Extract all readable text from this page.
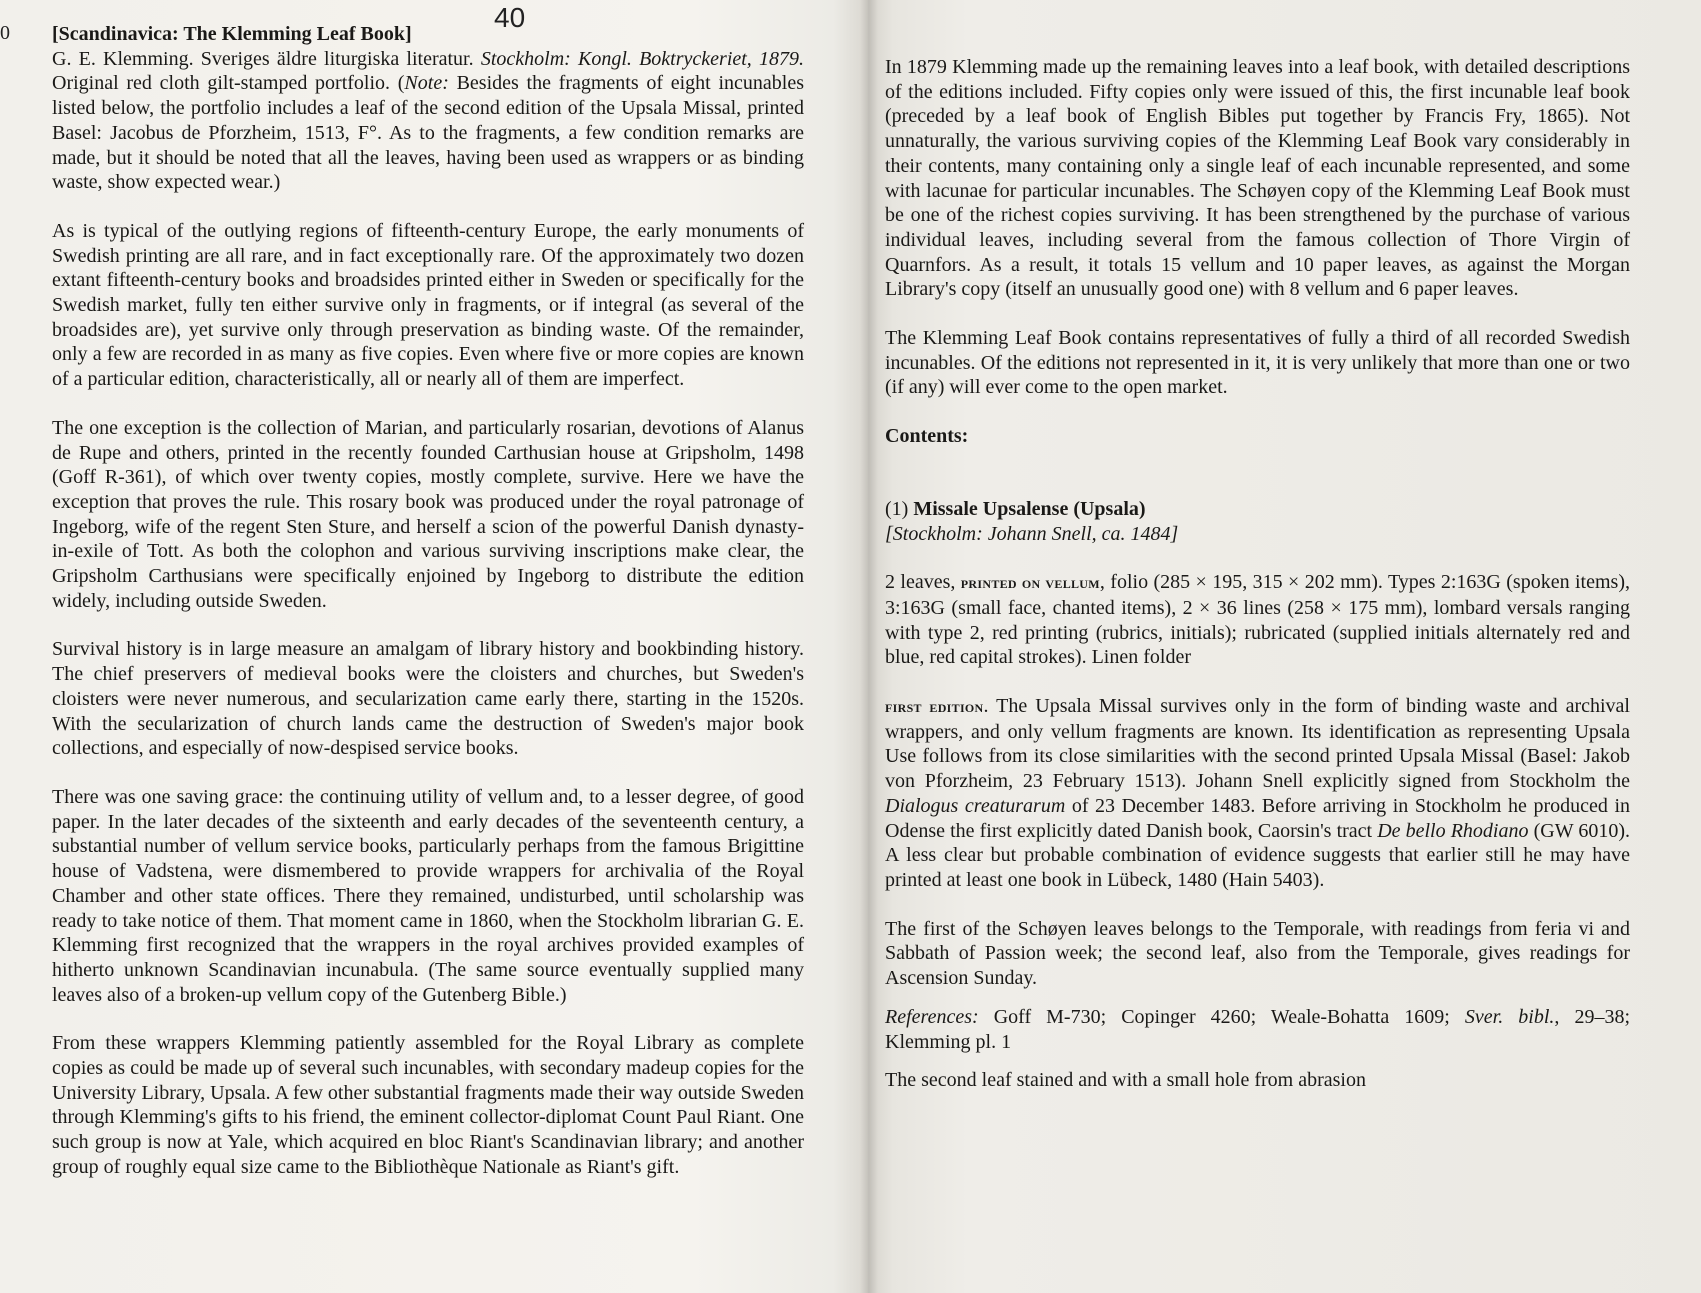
0	40

[Scandinavica: The Klemming Leaf Book]

G. E. Klemming. Sveriges äldre liturgiska literatur. Stockholm: Kongl. Boktryckeriet, 1879. Original red cloth gilt-stamped portfolio. (Note: Besides the fragments of eight incunables listed below, the portfolio includes a leaf of the second edition of the Upsala Missal, printed Basel: Jacobus de Pforzheim, 1513, F°. As to the fragments, a few condition remarks are made, but it should be noted that all the leaves, having been used as wrappers or as binding waste, show expected wear.)

As is typical of the outlying regions of fifteenth-century Europe, the early monuments of Swedish printing are all rare, and in fact exceptionally rare. Of the approximately two dozen extant fifteenth-century books and broadsides printed either in Sweden or specifically for the Swedish market, fully ten either survive only in fragments, or if integral (as several of the broadsides are), yet survive only through preservation as binding waste. Of the remainder, only a few are recorded in as many as five copies. Even where five or more copies are known of a particular edition, characteristically, all or nearly all of them are imperfect.

The one exception is the collection of Marian, and particularly rosarian, devotions of Alanus de Rupe and others, printed in the recently founded Carthusian house at Gripsholm, 1498 (Goff R-361), of which over twenty copies, mostly complete, survive. Here we have the exception that proves the rule. This rosary book was produced under the royal patronage of Ingeborg, wife of the regent Sten Sture, and herself a scion of the powerful Danish dynasty-in-exile of Tott. As both the colophon and various surviving inscriptions make clear, the Gripsholm Carthusians were specifically enjoined by Ingeborg to distribute the edition widely, including outside Sweden.

Survival history is in large measure an amalgam of library history and bookbinding history. The chief preservers of medieval books were the cloisters and churches, but Sweden's cloisters were never numerous, and secularization came early there, starting in the 1520s. With the secularization of church lands came the destruction of Sweden's major book collections, and especially of now-despised service books.

There was one saving grace: the continuing utility of vellum and, to a lesser degree, of good paper. In the later decades of the sixteenth and early decades of the seventeenth century, a substantial number of vellum service books, particularly perhaps from the famous Brigittine house of Vadstena, were dismembered to provide wrappers for archivalia of the Royal Chamber and other state offices. There they remained, undisturbed, until scholarship was ready to take notice of them. That moment came in 1860, when the Stockholm librarian G. E. Klemming first recognized that the wrappers in the royal archives provided examples of hitherto unknown Scandinavian incunabula. (The same source eventually supplied many leaves also of a broken-up vellum copy of the Gutenberg Bible.)

From these wrappers Klemming patiently assembled for the Royal Library as complete copies as could be made up of several such incunables, with secondary madeup copies for the University Library, Upsala. A few other substantial fragments made their way outside Sweden through Klemming's gifts to his friend, the eminent collector-diplomat Count Paul Riant. One such group is now at Yale, which acquired en bloc Riant's Scandinavian library; and another group of roughly equal size came to the Bibliothèque Nationale as Riant's gift.

In 1879 Klemming made up the remaining leaves into a leaf book, with detailed descriptions of the editions included. Fifty copies only were issued of this, the first incunable leaf book (preceded by a leaf book of English Bibles put together by Francis Fry, 1865). Not unnaturally, the various surviving copies of the Klemming Leaf Book vary considerably in their contents, many containing only a single leaf of each incunable represented, and some with lacunae for particular incunables. The Schøyen copy of the Klemming Leaf Book must be one of the richest copies surviving. It has been strengthened by the purchase of various individual leaves, including several from the famous collection of Thore Virgin of Quarnfors. As a result, it totals 15 vellum and 10 paper leaves, as against the Morgan Library's copy (itself an unusually good one) with 8 vellum and 6 paper leaves.

The Klemming Leaf Book contains representatives of fully a third of all recorded Swedish incunables. Of the editions not represented in it, it is very unlikely that more than one or two (if any) will ever come to the open market.

Contents:

(1) Missale Upsalense (Upsala)

[Stockholm: Johann Snell, ca. 1484]

2 leaves, printed on vellum, folio (285 × 195, 315 × 202 mm). Types 2:163G (spoken items), 3:163G (small face, chanted items), 2 × 36 lines (258 × 175 mm), lombard versals ranging with type 2, red printing (rubrics, initials); rubricated (supplied initials alternately red and blue, red capital strokes). Linen folder

first edition. The Upsala Missal survives only in the form of binding waste and archival wrappers, and only vellum fragments are known. Its identification as representing Upsala Use follows from its close similarities with the second printed Upsala Missal (Basel: Jakob von Pforzheim, 23 February 1513). Johann Snell explicitly signed from Stockholm the Dialogus creaturarum of 23 December 1483. Before arriving in Stockholm he produced in Odense the first explicitly dated Danish book, Caorsin's tract De bello Rhodiano (GW 6010). A less clear but probable combination of evidence suggests that earlier still he may have printed at least one book in Lübeck, 1480 (Hain 5403).

The first of the Schøyen leaves belongs to the Temporale, with readings from feria vi and Sabbath of Passion week; the second leaf, also from the Temporale, gives readings for Ascension Sunday.

References: Goff M-730; Copinger 4260; Weale-Bohatta 1609; Sver. bibl., 29–38; Klemming pl. 1

The second leaf stained and with a small hole from abrasion
